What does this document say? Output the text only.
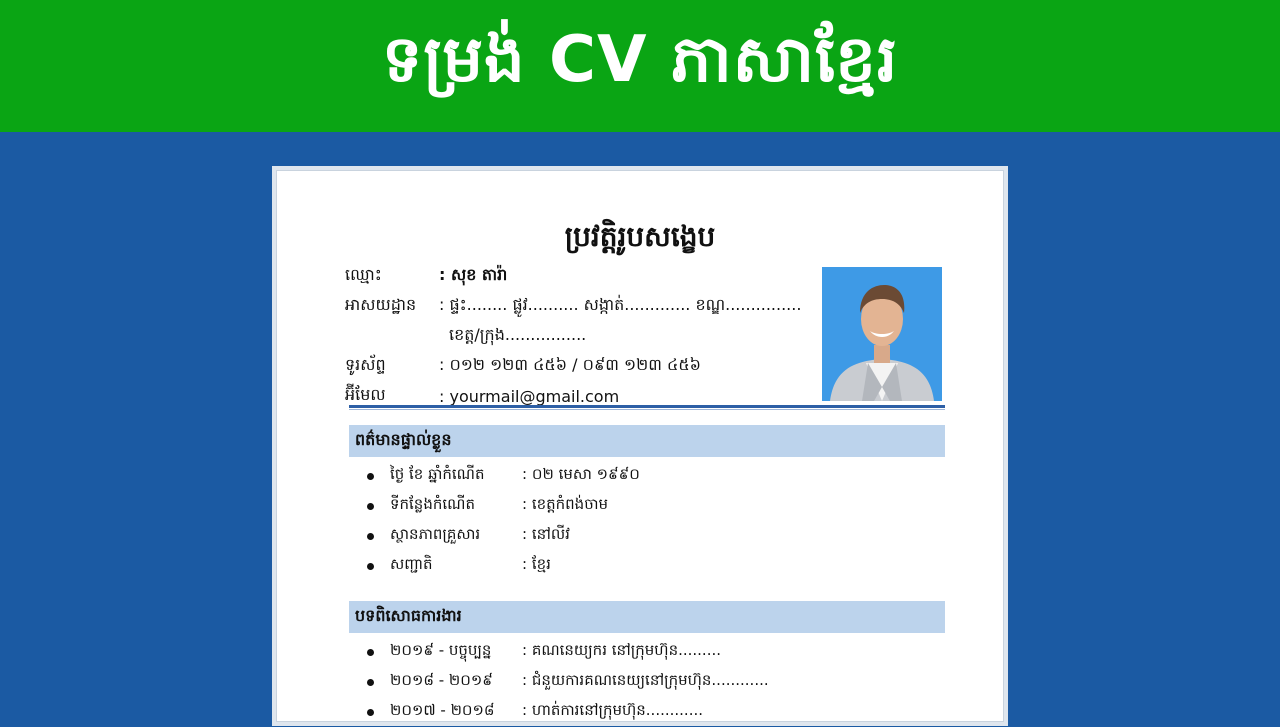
ទម្រង់ CV ភាសាខ្មែរ
ប្រវត្តិរូបសង្ខេប
ឈ្មោះ	: សុខ តារ៉ា
អាសយដ្ឋាន	: ផ្ទះ........ ផ្លូវ.......... សង្កាត់............. ខណ្ឌ...............
ខេត្ត/ក្រុង................
ទូរស័ព្ទ	: ០១២ ១២៣ ៤៥៦ / ០៩៣ ១២៣ ៤៥៦
អ៊ីមែល	: yourmail@gmail.com
ពត៌មានផ្ទាល់ខ្លួន
ថ្ងៃ ខែ ឆ្នាំកំណើត	: ០២ មេសា ១៩៩០
ទីកន្លែងកំណើត	: ខេត្តកំពង់ចាម
ស្ថានភាពគ្រួសារ	: នៅលីវ
សញ្ជាតិ	: ខ្មែរ
បទពិសោធការងារ
២០១៩ - បច្ចុប្បន្ន	: គណនេយ្យករ នៅក្រុមហ៊ុន.........
២០១៨ - ២០១៩	: ជំនួយការគណនេយ្យនៅក្រុមហ៊ុន............
២០១៧ - ២០១៨	: ហាត់ការនៅក្រុមហ៊ុន............
